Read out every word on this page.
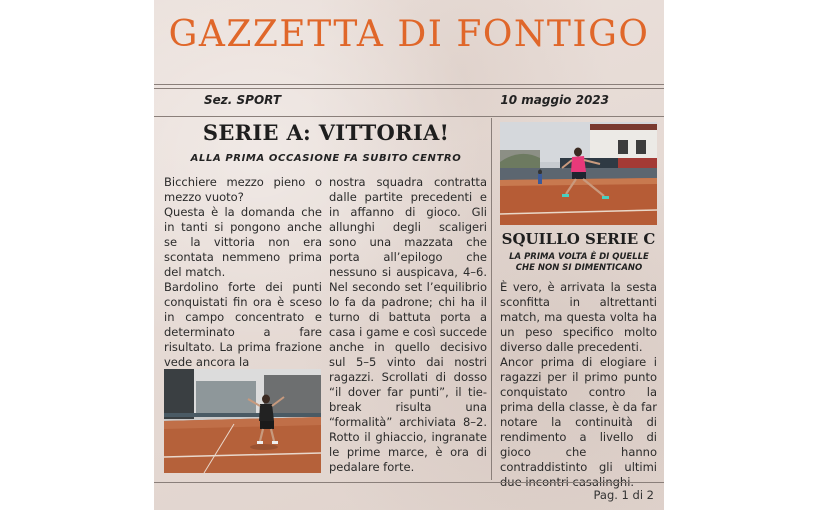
GAZZETTA DI FONTIGO
Sez. SPORT	10 maggio 2023
SERIE A: VITTORIA!
ALLA PRIMA OCCASIONE FA SUBITO CENTRO

Bicchiere mezzo pieno o mezzo vuoto?

Questa è la domanda che in tanti si pongono anche se la vittoria non era scontata nemmeno prima del match.

Bardolino forte dei punti conquistati fin ora è sceso in campo concentrato e determinato a fare risultato. La prima frazione vede ancora la

nostra squadra contratta dalle partite precedenti e in affanno di gioco. Gli allunghi degli scaligeri sono una mazzata che porta all’epilogo che nessuno si auspicava, 4–6. Nel secondo set l’equilibrio lo fa da padrone; chi ha il turno di battuta porta a casa i game e così succede anche in quello decisivo sul 5–5 vinto dai nostri ragazzi. Scrollati di dosso “il dover far punti”, il tie-break risulta una “formalità” archiviata 8–2. Rotto il ghiaccio, ingranate le prime marce, è ora di pedalare forte.

SQUILLO SERIE C
LA PRIMA VOLTA È DI QUELLE CHE NON SI DIMENTICANO

È vero, è arrivata la sesta sconfitta in altrettanti match, ma questa volta ha un peso specifico molto diverso dalle precedenti.

Ancor prima di elogiare i ragazzi per il primo punto conquistato contro la prima della classe, è da far notare la continuità di rendimento a livello di gioco che hanno contraddistinto gli ultimi due incontri casalinghi.

Pag. 1 di 2
